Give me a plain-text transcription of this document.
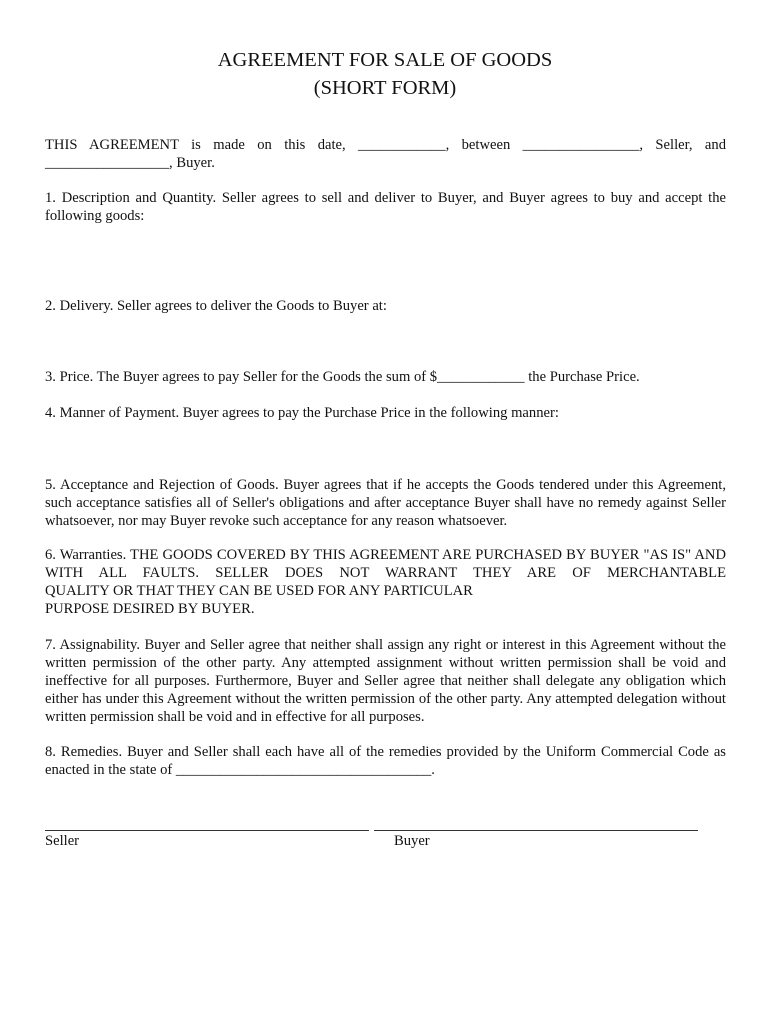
AGREEMENT FOR SALE OF GOODS
(SHORT FORM)
THIS AGREEMENT is made on this date, ____________, between ________________, Seller, and _________________, Buyer.
1. Description and Quantity. Seller agrees to sell and deliver to Buyer, and Buyer agrees to buy and accept the following goods:
2. Delivery. Seller agrees to deliver the Goods to Buyer at:
3. Price. The Buyer agrees to pay Seller for the Goods the sum of $____________ the Purchase Price.
4. Manner of Payment. Buyer agrees to pay the Purchase Price in the following manner:
5. Acceptance and Rejection of Goods. Buyer agrees that if he accepts the Goods tendered under this Agreement, such acceptance satisfies all of Seller's obligations and after acceptance Buyer shall have no remedy against Seller whatsoever, nor may Buyer revoke such acceptance for any reason whatsoever.
6. Warranties. THE GOODS COVERED BY THIS AGREEMENT ARE PURCHASED BY BUYER "AS IS" AND WITH ALL FAULTS. SELLER DOES NOT WARRANT THEY ARE OF MERCHANTABLE
QUALITY OR THAT THEY CAN BE USED FOR ANY PARTICULAR
PURPOSE DESIRED BY BUYER.
7. Assignability. Buyer and Seller agree that neither shall assign any right or interest in this Agreement without the written permission of the other party. Any attempted assignment without written permission shall be void and ineffective for all purposes. Furthermore, Buyer and Seller agree that neither shall delegate any obligation which either has under this Agreement without the written permission of the other party. Any attempted delegation without written permission shall be void and in effective for all purposes.
8. Remedies. Buyer and Seller shall each have all of the remedies provided by the Uniform Commercial Code as enacted in the state of ___________________________________.
Seller	Buyer
